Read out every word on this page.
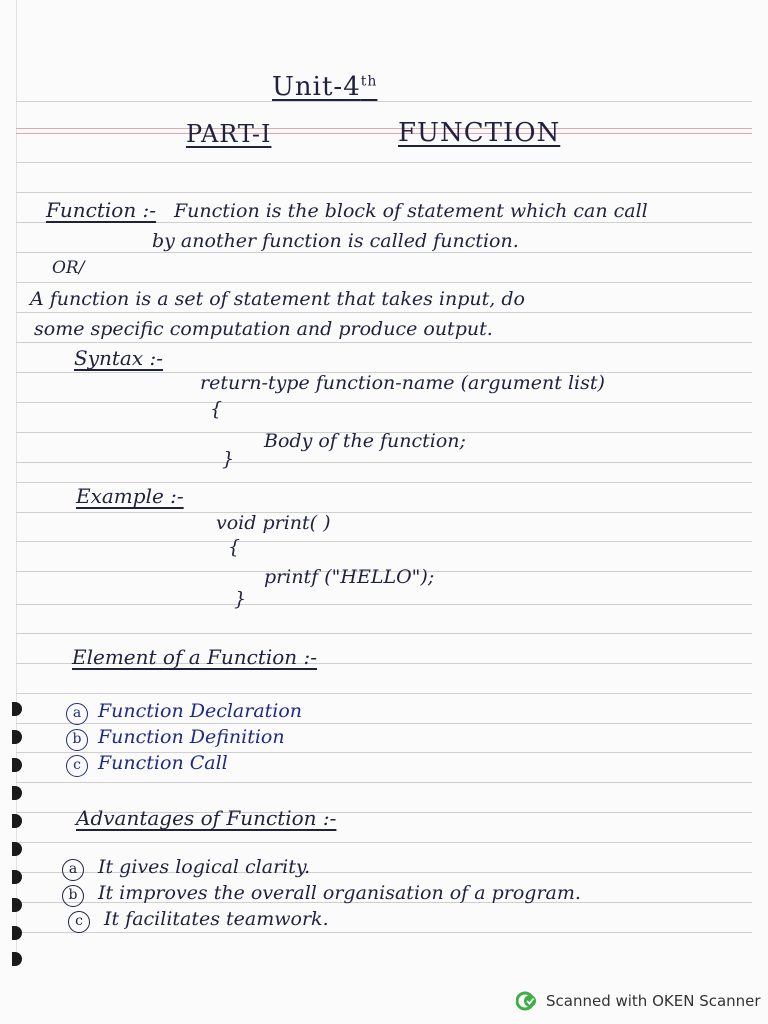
Unit-4th
PART-I	FUNCTION
Function :- Function is the block of statement which can call
by another function is called function.
OR/
A function is a set of statement that takes input, do
some specific computation and produce output.
Syntax :-
return-type function-name (argument list)
{
Body of the function;
}
Example :-
void print( )
{
printf ("HELLO");
}
Element of a Function :-
a Function Declaration
b Function Definition
c Function Call
Advantages of Function :-
a It gives logical clarity.
b It improves the overall organisation of a program.
c It facilitates teamwork.
Scanned with OKEN Scanner
